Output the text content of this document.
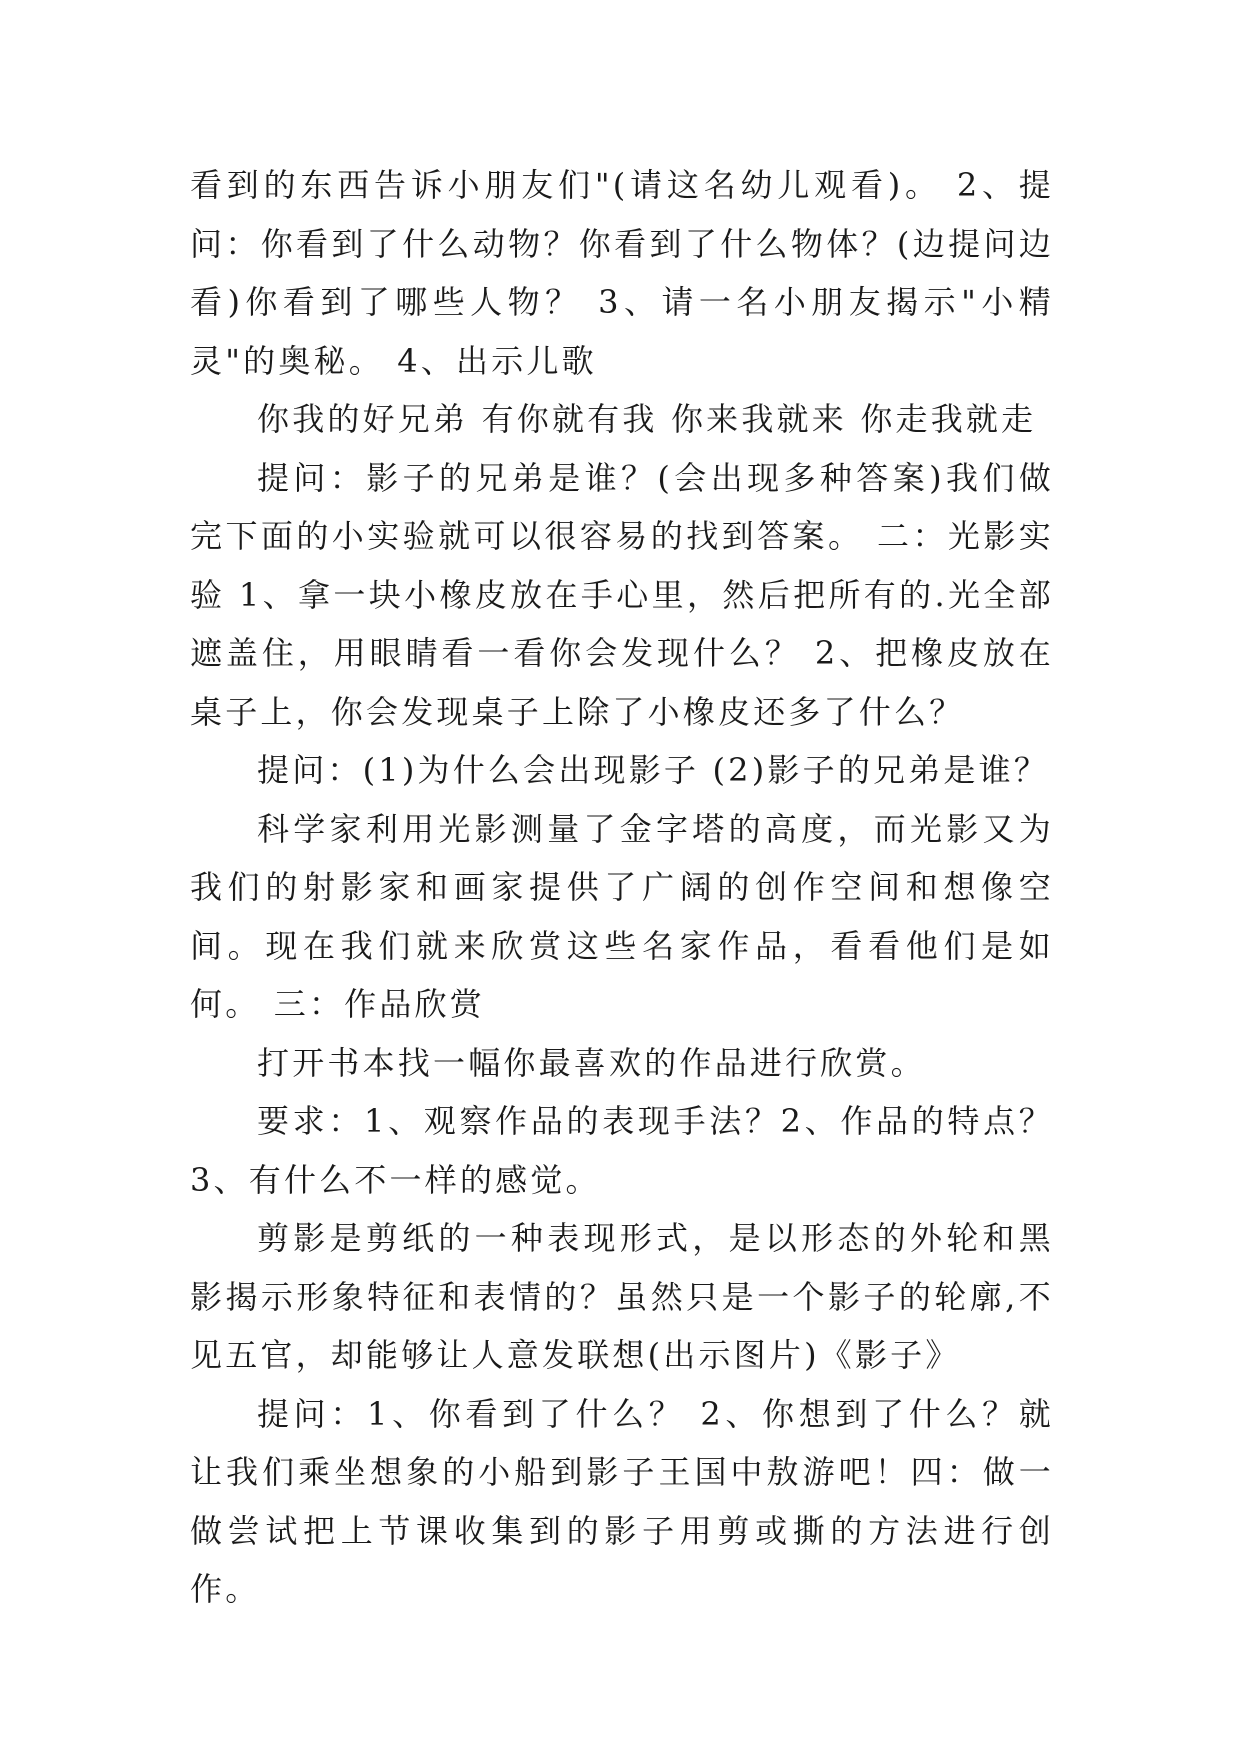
看到的东西告诉小朋友们"(请这名幼儿观看)。 2、提问：你看到了什么动物？你看到了什么物体？(边提问边看)你看到了哪些人物？ 3、请一名小朋友揭示"小精灵"的奥秘。 4、出示儿歌

你我的好兄弟 有你就有我 你来我就来 你走我就走

提问：影子的兄弟是谁？(会出现多种答案)我们做完下面的小实验就可以很容易的找到答案。 二：光影实验 1、拿一块小橡皮放在手心里，然后把所有的.光全部遮盖住，用眼睛看一看你会发现什么？ 2、把橡皮放在桌子上，你会发现桌子上除了小橡皮还多了什么？

提问：(1)为什么会出现影子 (2)影子的兄弟是谁？

科学家利用光影测量了金字塔的高度，而光影又为我们的射影家和画家提供了广阔的创作空间和想像空间。现在我们就来欣赏这些名家作品，看看他们是如何。 三：作品欣赏

打开书本找一幅你最喜欢的作品进行欣赏。

要求：1、观察作品的表现手法？2、作品的特点？3、有什么不一样的感觉。

剪影是剪纸的一种表现形式，是以形态的外轮和黑影揭示形象特征和表情的？虽然只是一个影子的轮廓,不见五官，却能够让人意发联想(出示图片)《影子》

提问：1、你看到了什么？ 2、你想到了什么？就让我们乘坐想象的小船到影子王国中敖游吧！四：做一做尝试把上节课收集到的影子用剪或撕的方法进行创作。
